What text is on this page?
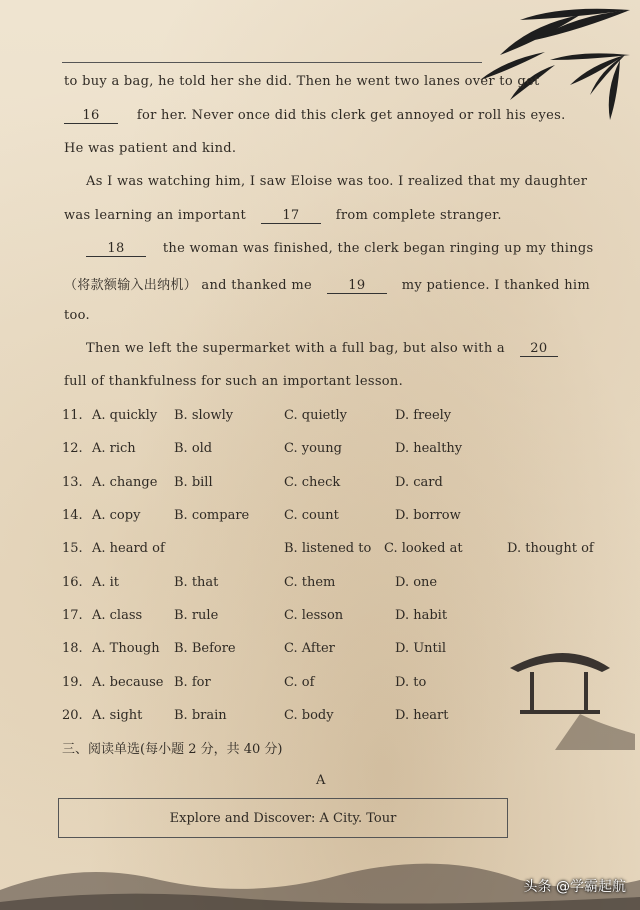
to buy a bag, he told her she did. Then he went two lanes over to get
16	for her. Never once did this clerk get annoyed or roll his eyes.
He was patient and kind.
As I was watching him, I saw Eloise was too. I realized that my daughter
was learning an important	17	from complete stranger.
18	the woman was finished, the clerk began ringing up my things
（将款额输入出纳机） and thanked me	19	my patience. I thanked him
too.
Then we left the supermarket with a full bag, but also with a 20
full of thankfulness for such an important lesson.
11. A. quickly B. slowly	C. quietly	D. freely
12. A. rich	B. old	C. young	D. healthy
13. A. change B. bill	C. check	D. card
14. A. copy	B. compare	C. count	D. borrow
15. A. heard of	B. listened to C. looked at	D. thought of
16. A. it	B. that	C. them	D. one
17. A. class B. rule	C. lesson	D. habit
18. A. Though B. Before	C. After	D. Until
19. A. because B. for	C. of	D. to
20. A. sight B. brain	C. body	D. heart
三、阅读单选(每小题 2 分，共 40 分)
A
Explore and Discover: A City. Tour
头条 @学霸起航
